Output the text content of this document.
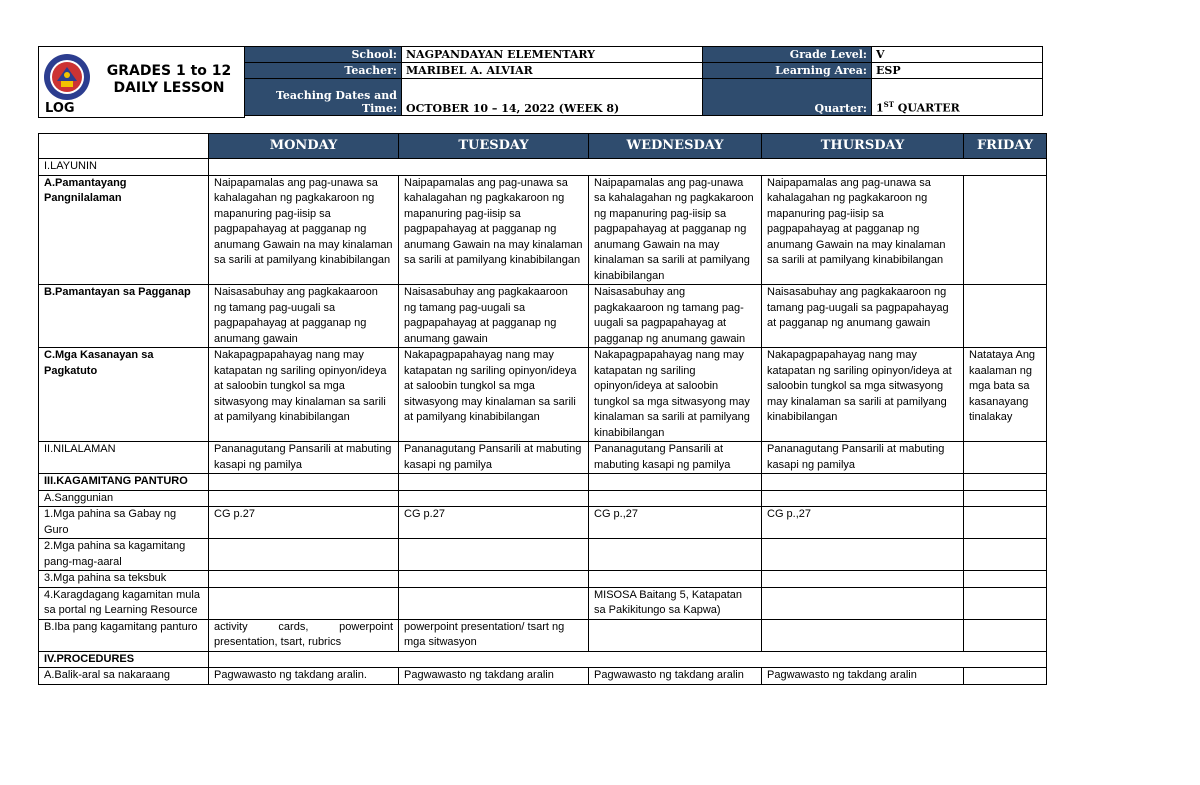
GRADES 1 to 12
DAILY LESSON
LOG
School:	NAGPANDAYAN ELEMENTARY	Grade Level:	V
Teacher:	MARIBEL A. ALVIAR	Learning Area:	ESP

Teaching Dates and
Time:	OCTOBER 10 – 14, 2022 (WEEK 8)	Quarter:	1ST QUARTER
	MONDAY	TUESDAY	WEDNESDAY	THURSDAY	FRIDAY
I.LAYUNIN					
A.Pamantayang Pangnilalaman	Naipapamalas ang pag-unawa sa kahalagahan ng pagkakaroon ng mapanuring pag-iisip sa pagpapahayag at pagganap ng anumang Gawain na may kinalaman sa sarili at pamilyang kinabibilangan	Naipapamalas ang pag-unawa sa kahalagahan ng pagkakaroon ng mapanuring pag-iisip sa pagpapahayag at pagganap ng anumang Gawain na may kinalaman sa sarili at pamilyang kinabibilangan	Naipapamalas ang pag-unawa sa kahalagahan ng pagkakaroon ng mapanuring pag-iisip sa pagpapahayag at pagganap ng anumang Gawain na may kinalaman sa sarili at pamilyang kinabibilangan	Naipapamalas ang pag-unawa sa kahalagahan ng pagkakaroon ng mapanuring pag-iisip sa pagpapahayag at pagganap ng anumang Gawain na may kinalaman sa sarili at pamilyang kinabibilangan	
B.Pamantayan sa Pagganap	Naisasabuhay ang pagkakaaroon ng tamang pag-uugali sa pagpapahayag at pagganap ng anumang gawain	Naisasabuhay ang pagkakaaroon ng tamang pag-uugali sa pagpapahayag at pagganap ng anumang gawain	Naisasabuhay ang pagkakaaroon ng tamang pag-uugali sa pagpapahayag at pagganap ng anumang gawain	Naisasabuhay ang pagkakaaroon ng tamang pag-uugali sa pagpapahayag at pagganap ng anumang gawain	
C.Mga Kasanayan sa Pagkatuto	Nakapagpapahayag nang may katapatan ng sariling opinyon/ideya at saloobin tungkol sa mga sitwasyong may kinalaman sa sarili at pamilyang kinabibilangan	Nakapagpapahayag nang may katapatan ng sariling opinyon/ideya at saloobin tungkol sa mga sitwasyong may kinalaman sa sarili at pamilyang kinabibilangan	Nakapagpapahayag nang may katapatan ng sariling opinyon/ideya at saloobin tungkol sa mga sitwasyong may kinalaman sa sarili at pamilyang kinabibilangan	Nakapagpapahayag nang may katapatan ng sariling opinyon/ideya at saloobin tungkol sa mga sitwasyong may kinalaman sa sarili at pamilyang kinabibilangan	Natataya Ang kaalaman ng mga bata sa kasanayang tinalakay
II.NILALAMAN	Pananagutang Pansarili at mabuting kasapi ng pamilya	Pananagutang Pansarili at mabuting kasapi ng pamilya	Pananagutang Pansarili at mabuting kasapi ng pamilya	Pananagutang Pansarili at mabuting kasapi ng pamilya	
III.KAGAMITANG PANTURO					
A.Sanggunian					
1.Mga pahina sa Gabay ng Guro	CG p.27	CG p.27	CG p.,27	CG p.,27	
2.Mga pahina sa kagamitang pang-mag-aaral					
3.Mga pahina sa teksbuk					
4.Karagdagang kagamitan mula sa portal ng Learning Resource			MISOSA Baitang 5, Katapatan sa Pakikitungo sa Kapwa)		
B.Iba pang kagamitang panturo	activity cards, powerpoint presentation, tsart, rubrics	powerpoint presentation/ tsart ng mga sitwasyon			
IV.PROCEDURES					
A.Balik-aral sa nakaraang	Pagwawasto ng takdang aralin.	Pagwawasto ng takdang aralin	Pagwawasto ng takdang aralin	Pagwawasto ng takdang aralin	
